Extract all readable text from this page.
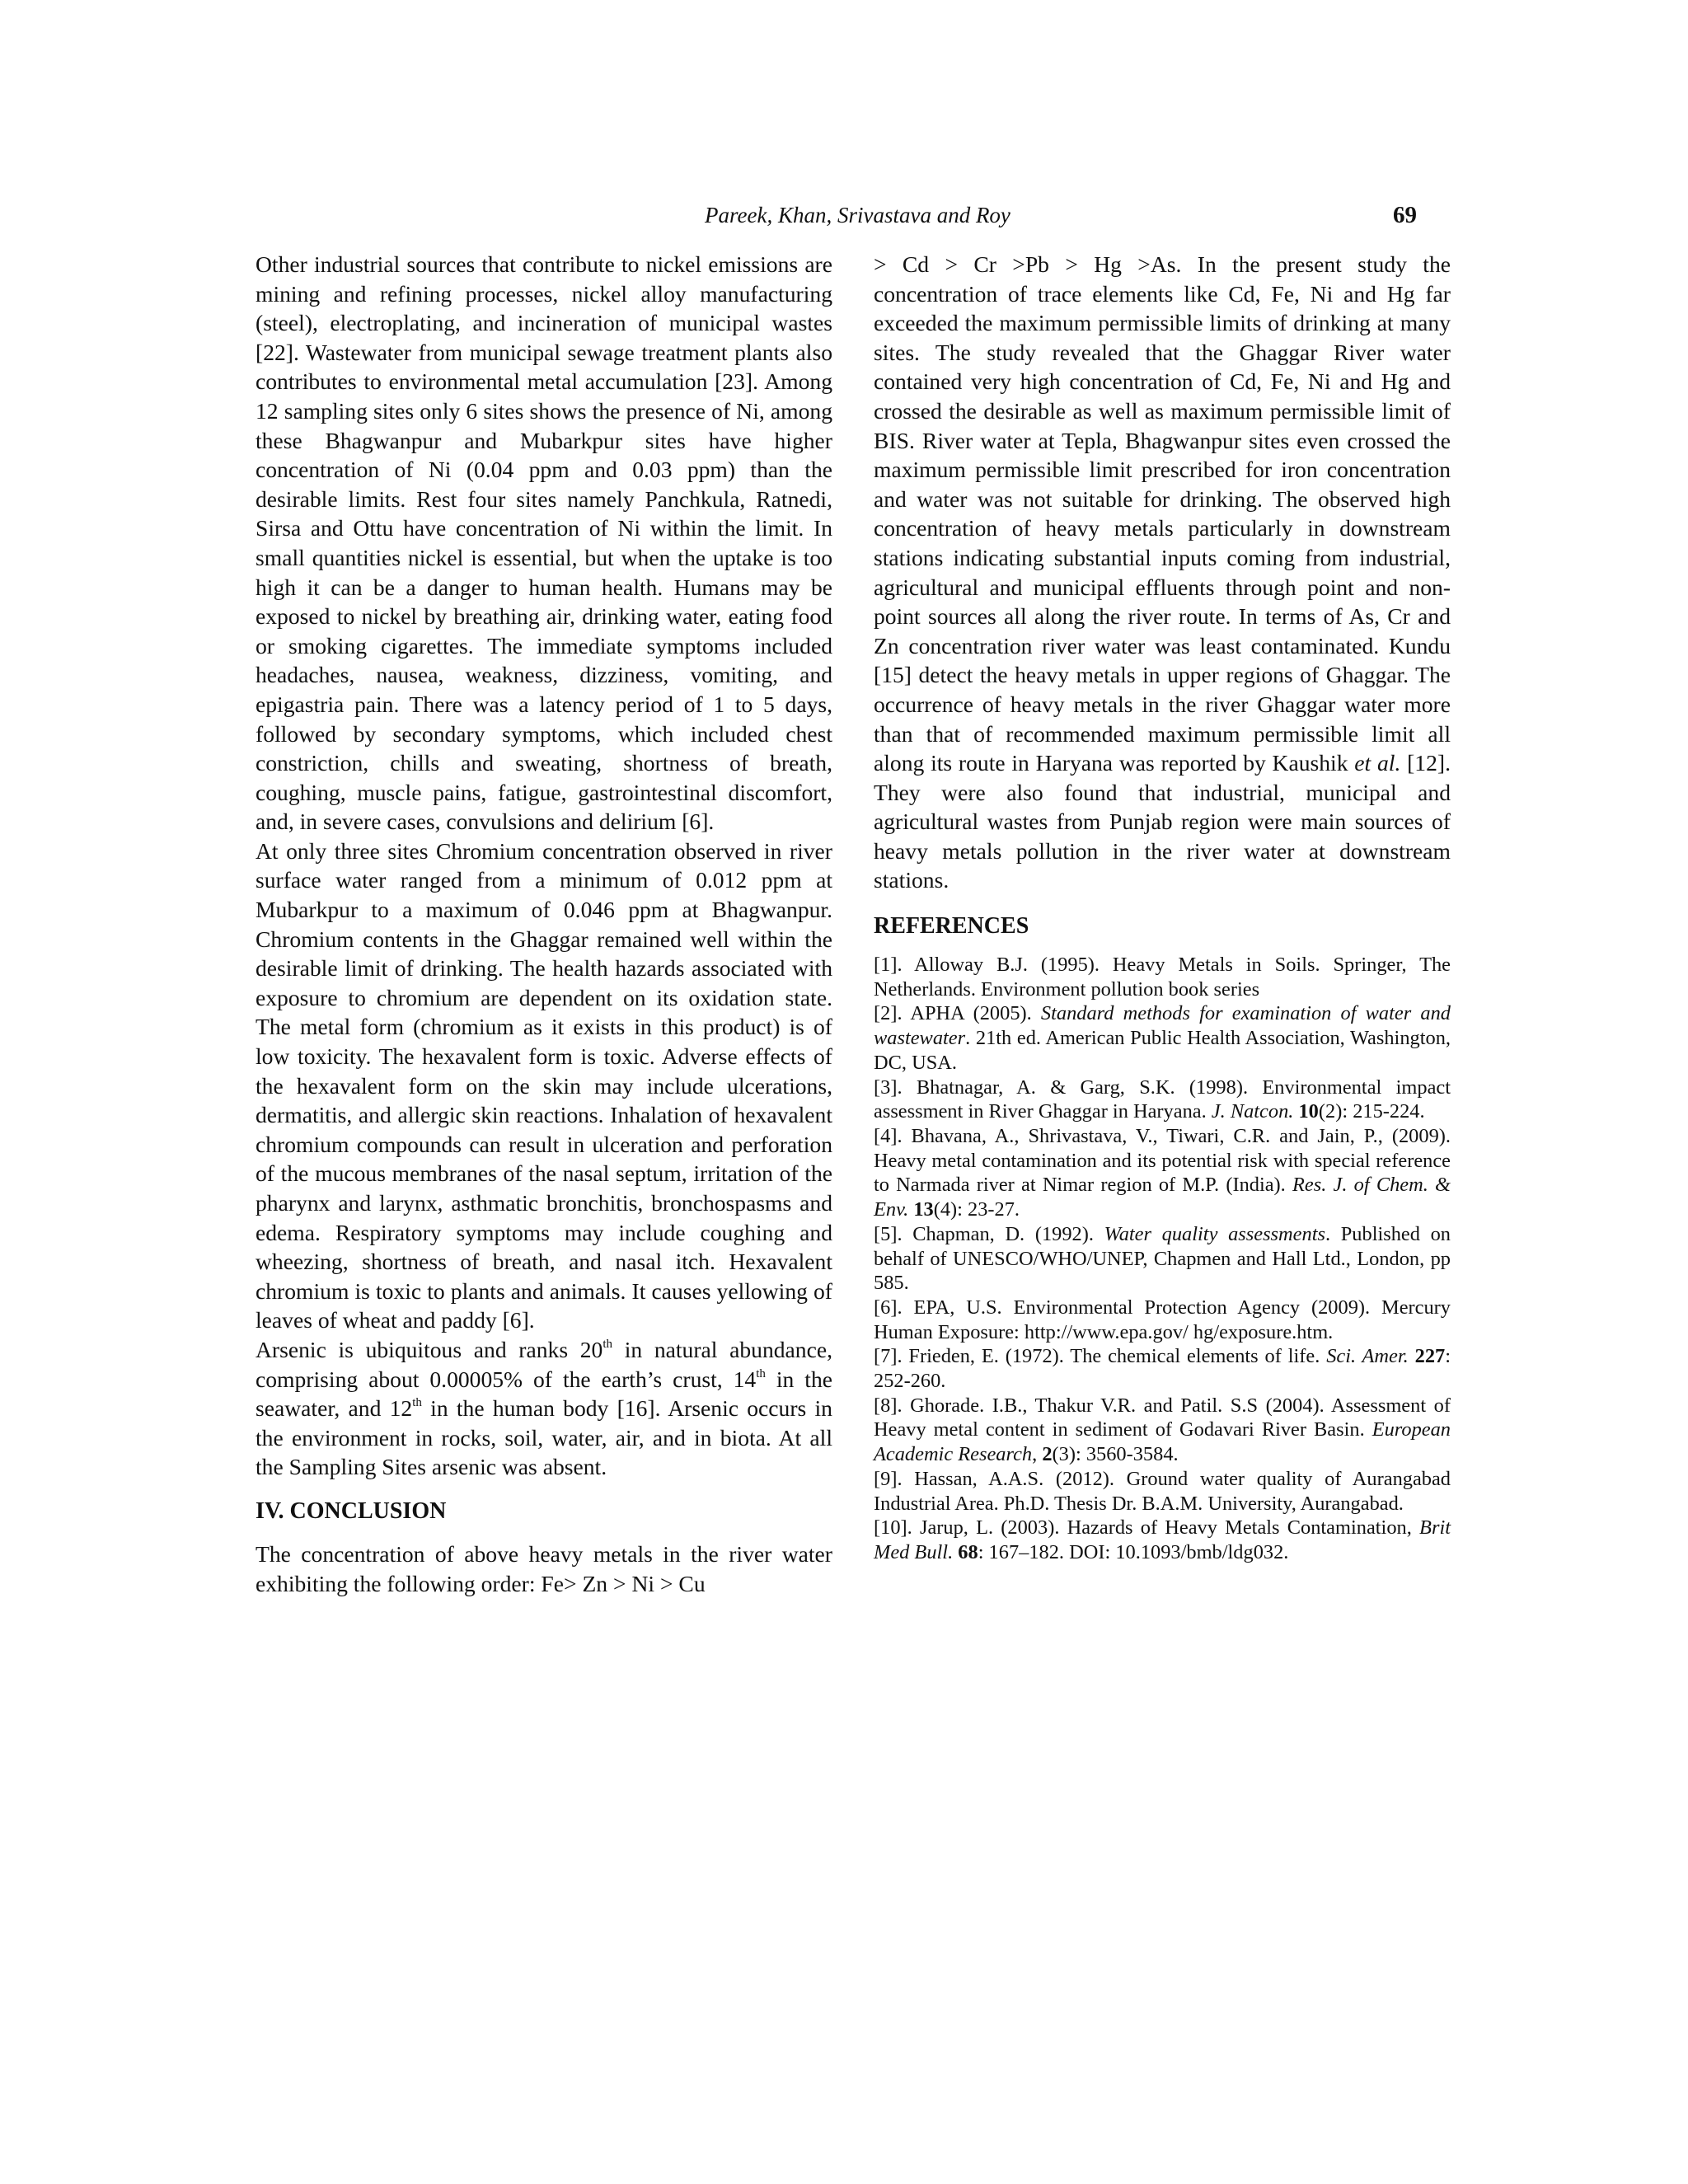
Pareek, Khan, Srivastava and Roy	69

Other industrial sources that contribute to nickel emissions are mining and refining processes, nickel alloy manufacturing (steel), electroplating, and incineration of municipal wastes [22]. Wastewater from municipal sewage treatment plants also contributes to environmental metal accumulation [23]. Among 12 sampling sites only 6 sites shows the presence of Ni, among these Bhagwanpur and Mubarkpur sites have higher concentration of Ni (0.04 ppm and 0.03 ppm) than the desirable limits. Rest four sites namely Panchkula, Ratnedi, Sirsa and Ottu have concentration of Ni within the limit. In small quantities nickel is essential, but when the uptake is too high it can be a danger to human health. Humans may be exposed to nickel by breathing air, drinking water, eating food or smoking cigarettes. The immediate symptoms included headaches, nausea, weakness, dizziness, vomiting, and epigastria pain. There was a latency period of 1 to 5 days, followed by secondary symptoms, which included chest constriction, chills and sweating, shortness of breath, coughing, muscle pains, fatigue, gastrointestinal discomfort, and, in severe cases, convulsions and delirium [6].

At only three sites Chromium concentration observed in river surface water ranged from a minimum of 0.012 ppm at Mubarkpur to a maximum of 0.046 ppm at Bhagwanpur. Chromium contents in the Ghaggar remained well within the desirable limit of drinking. The health hazards associated with exposure to chromium are dependent on its oxidation state. The metal form (chromium as it exists in this product) is of low toxicity. The hexavalent form is toxic. Adverse effects of the hexavalent form on the skin may include ulcerations, dermatitis, and allergic skin reactions. Inhalation of hexavalent chromium compounds can result in ulceration and perforation of the mucous membranes of the nasal septum, irritation of the pharynx and larynx, asthmatic bronchitis, bronchospasms and edema. Respiratory symptoms may include coughing and wheezing, shortness of breath, and nasal itch. Hexavalent chromium is toxic to plants and animals. It causes yellowing of leaves of wheat and paddy [6].

Arsenic is ubiquitous and ranks 20th in natural abundance, comprising about 0.00005% of the earth’s crust, 14th in the seawater, and 12th in the human body [16]. Arsenic occurs in the environment in rocks, soil, water, air, and in biota. At all the Sampling Sites arsenic was absent.

IV. CONCLUSION

The concentration of above heavy metals in the river water exhibiting the following order: Fe> Zn > Ni > Cu

> Cd > Cr >Pb > Hg >As. In the present study the concentration of trace elements like Cd, Fe, Ni and Hg far exceeded the maximum permissible limits of drinking at many sites. The study revealed that the Ghaggar River water contained very high concentration of Cd, Fe, Ni and Hg and crossed the desirable as well as maximum permissible limit of BIS. River water at Tepla, Bhagwanpur sites even crossed the maximum permissible limit prescribed for iron concentration and water was not suitable for drinking. The observed high concentration of heavy metals particularly in downstream stations indicating substantial inputs coming from industrial, agricultural and municipal effluents through point and non-point sources all along the river route. In terms of As, Cr and Zn concentration river water was least contaminated. Kundu [15] detect the heavy metals in upper regions of Ghaggar. The occurrence of heavy metals in the river Ghaggar water more than that of recommended maximum permissible limit all along its route in Haryana was reported by Kaushik et al. [12]. They were also found that industrial, municipal and agricultural wastes from Punjab region were main sources of heavy metals pollution in the river water at downstream stations.

REFERENCES
[1]. Alloway B.J. (1995). Heavy Metals in Soils. Springer, The Netherlands. Environment pollution book series
[2]. APHA (2005). Standard methods for examination of water and wastewater. 21th ed. American Public Health Association, Washington, DC, USA.
[3]. Bhatnagar, A. & Garg, S.K. (1998). Environmental impact assessment in River Ghaggar in Haryana. J. Natcon. 10(2): 215-224.
[4]. Bhavana, A., Shrivastava, V., Tiwari, C.R. and Jain, P., (2009). Heavy metal contamination and its potential risk with special reference to Narmada river at Nimar region of M.P. (India). Res. J. of Chem. & Env. 13(4): 23-27.
[5]. Chapman, D. (1992). Water quality assessments. Published on behalf of UNESCO/WHO/UNEP, Chapmen and Hall Ltd., London, pp 585.
[6]. EPA, U.S. Environmental Protection Agency (2009). Mercury Human Exposure: http://www.epa.gov/ hg/exposure.htm.
[7]. Frieden, E. (1972). The chemical elements of life. Sci. Amer. 227: 252-260.
[8]. Ghorade. I.B., Thakur V.R. and Patil. S.S (2004). Assessment of Heavy metal content in sediment of Godavari River Basin. European Academic Research, 2(3): 3560-3584.
[9]. Hassan, A.A.S. (2012). Ground water quality of Aurangabad Industrial Area. Ph.D. Thesis Dr. B.A.M. University, Aurangabad.
[10]. Jarup, L. (2003). Hazards of Heavy Metals Contamination, Brit Med Bull. 68: 167–182. DOI: 10.1093/bmb/ldg032.
